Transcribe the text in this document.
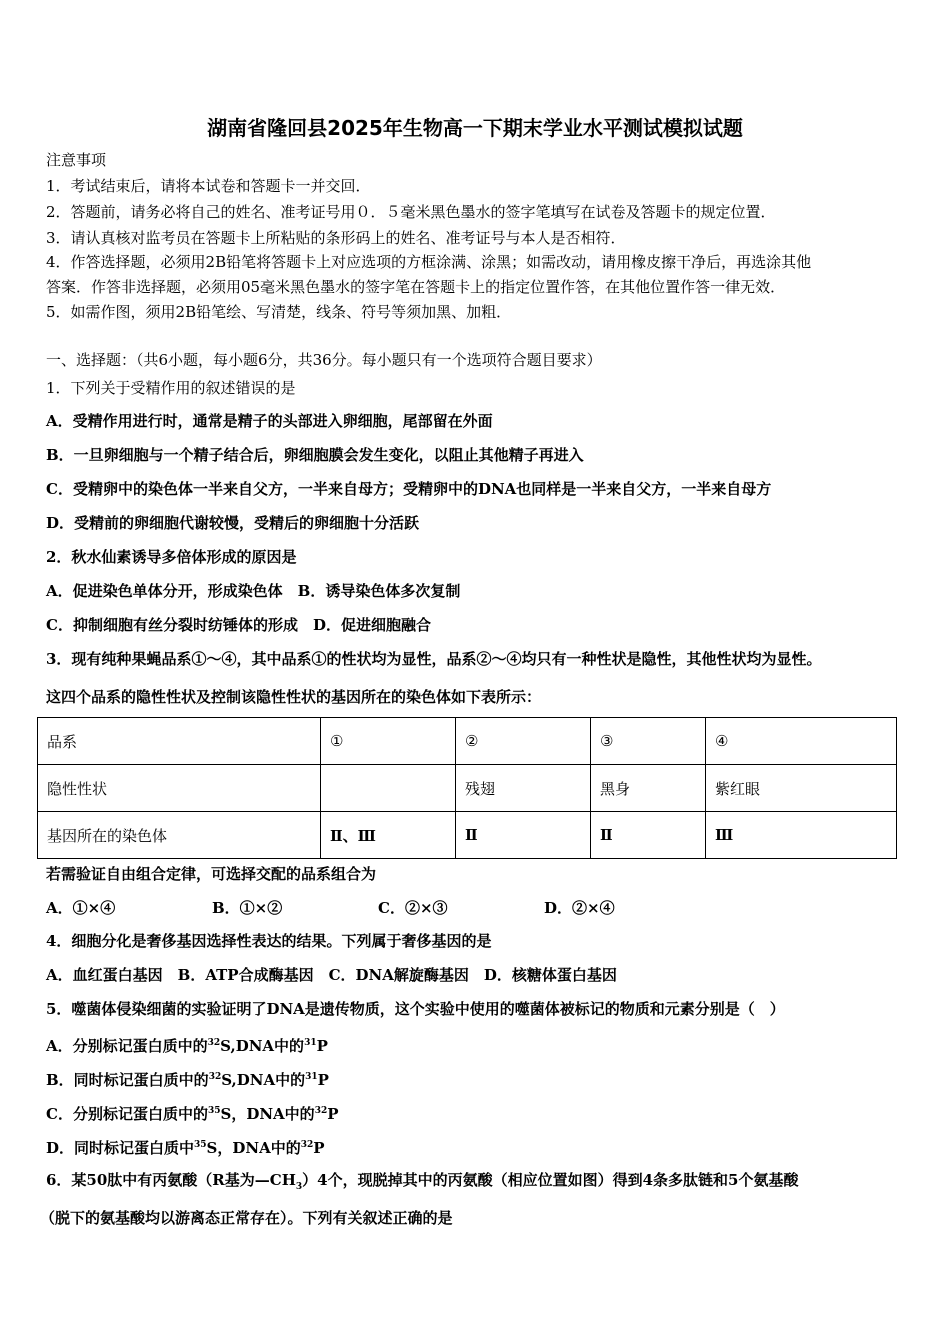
湖南省隆回县2025年生物高一下期末学业水平测试模拟试题
注意事项
1．考试结束后，请将本试卷和答题卡一并交回．
2．答题前，请务必将自己的姓名、准考证号用０．５毫米黑色墨水的签字笔填写在试卷及答题卡的规定位置．
3．请认真核对监考员在答题卡上所粘贴的条形码上的姓名、准考证号与本人是否相符．
4．作答选择题，必须用2B铅笔将答题卡上对应选项的方框涂满、涂黑；如需改动，请用橡皮擦干净后，再选涂其他
答案．作答非选择题，必须用05毫米黑色墨水的签字笔在答题卡上的指定位置作答，在其他位置作答一律无效．
5．如需作图，须用2B铅笔绘、写清楚，线条、符号等须加黑、加粗．
一、选择题：（共6小题，每小题6分，共36分。每小题只有一个选项符合题目要求）
1．下列关于受精作用的叙述错误的是
A．受精作用进行时，通常是精子的头部进入卵细胞，尾部留在外面
B．一旦卵细胞与一个精子结合后，卵细胞膜会发生变化，以阻止其他精子再进入
C．受精卵中的染色体一半来自父方，一半来自母方；受精卵中的DNA也同样是一半来自父方，一半来自母方
D．受精前的卵细胞代谢较慢，受精后的卵细胞十分活跃
2．秋水仙素诱导多倍体形成的原因是
A．促进染色单体分开，形成染色体　B．诱导染色体多次复制
C．抑制细胞有丝分裂时纺锤体的形成　D．促进细胞融合
3．现有纯种果蝇品系①～④，其中品系①的性状均为显性，品系②～④均只有一种性状是隐性，其他性状均为显性。
这四个品系的隐性性状及控制该隐性性状的基因所在的染色体如下表所示：
品系	①	②	③	④
隐性性状		残翅	黑身	紫红眼
基因所在的染色体	Ⅱ、Ⅲ	Ⅱ	Ⅱ	Ⅲ
若需验证自由组合定律，可选择交配的品系组合为
A．①×④	B．①×②	C．②×③	D．②×④
4．细胞分化是奢侈基因选择性表达的结果。下列属于奢侈基因的是
A．血红蛋白基因　B．ATP合成酶基因　C．DNA解旋酶基因　D．核糖体蛋白基因
5．噬菌体侵染细菌的实验证明了DNA是遗传物质，这个实验中使用的噬菌体被标记的物质和元素分别是（　）
A．分别标记蛋白质中的$^{32}$S,DNA中的$^{31}$P
B．同时标记蛋白质中的$^{32}$S,DNA中的$^{31}$P
C．分别标记蛋白质中的$^{35}$S，DNA中的$^{32}$P
D．同时标记蛋白质中$^{35}$S，DNA中的$^{32}$P
6．某50肽中有丙氨酸（R基为$—CH_3)4$个，现脱掉其中的丙氨酸（相应位置如图）得到4条多肽链和5个氨基酸
（脱下的氨基酸均以游离态正常存在）。下列有关叙述正确的是
